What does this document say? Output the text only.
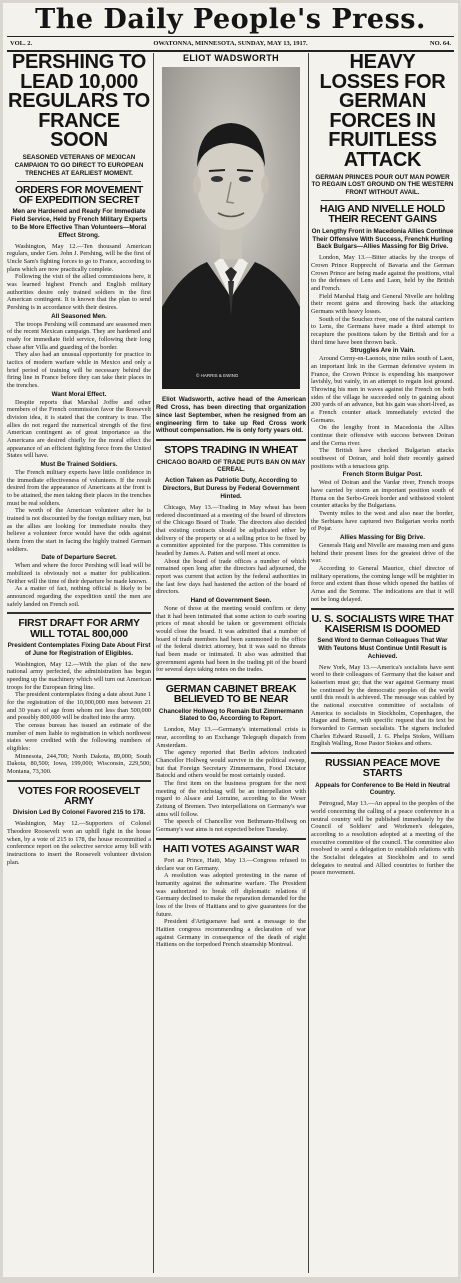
The Daily People's Press.
VOL. 2.	OWATONNA, MINNESOTA, SUNDAY, MAY 13, 1917.	NO. 64.
PERSHING TO LEAD 10,000 REGULARS TO FRANCE SOON
SEASONED VETERANS OF MEXICAN CAMPAIGN TO GO DIRECT TO EUROPEAN TRENCHES AT EARLIEST MOMENT.
ORDERS FOR MOVEMENT OF EXPEDITION SECRET
Men are Hardened and Ready For Immediate Field Service, Held by French Military Experts to Be More Effective Than Volunteers—Moral Effect Strong.

Washington, May 12.—Ten thousand American regulars, under Gen. John J. Pershing, will be the first of Uncle Sam's fighting forces to go to France, according to plans which are now practically complete.

Following the visit of the allied commissions here, it was learned highest French and English military authorities desire only trained soldiers in the first American contingent. It is known that the plan to send Pershing is in accordance with their desires.

All Seasoned Men.

The troops Pershing will command are seasoned men of the recent Mexican campaign. They are hardened and ready for immediate field service, following their long chase after Villa and guarding of the border.

They also had an unusual opportunity for practice in tactics of modern warfare while in Mexico and only a brief period of training will be necessary behind the firing line in France before they can take their places in the trenches.

Want Moral Effect.

Despite reports that Marshal Joffre and other members of the French commission favor the Roosevelt division idea, it is stated that the contrary is true. The allies do not regard the numerical strength of the first American contingent as of great importance as the Americans are desired chiefly for the moral effect the appearance of an efficient fighting force from the United States will have.

Must Be Trained Soldiers.

The French military experts have little confidence in the immediate effectiveness of volunteers. If the result desired from the appearance of Americans at the front is to be attained, the men taking their places in the trenches must be real soldiers.

The worth of the American volunteer after he is trained is not discounted by the foreign military men, but as the allies are looking for immediate results they believe a volunteer force would have the odds against them from the start in facing the highly trained German soldiers.

Date of Departure Secret.

When and where the force Pershing will lead will be mobilized is obviously not a matter for publication. Neither will the time of their departure be made known.

As a matter of fact, nothing official is likely to be announced regarding the expedition until the men are safely landed on French soil.

FIRST DRAFT FOR ARMY WILL TOTAL 800,000
President Contemplates Fixing Date About First of June for Registration of Eligibles.

Washington, May 12.—With the plan of the new national army perfected, the administration has begun speeding up the machinery which will turn out American troops for the European firing line.

The president contemplates fixing a date about June 1 for the registration of the 10,000,000 men between 21 and 30 years of age from whom not less than 500,000 and possibly 800,000 will be drafted into the army.

The census bureau has issued an estimate of the number of men liable to registration in which northwest states were credited with the following numbers of eligibles:

Minnesota, 244,700; North Dakota, 89,000; South Dakota, 80,500; Iowa, 199,000; Wisconsin, 229,500; Montana, 73,300.

VOTES FOR ROOSEVELT ARMY
Division Led By Colonel Favored 215 to 178.

Washington, May 12.—Supporters of Colonel Theodore Roosevelt won an uphill fight in the house when, by a vote of 215 to 178, the house recommitted a conference report on the selective service army bill with instructions to insert the Roosevelt volunteer division plan.

ELIOT WADSWORTH
© HARRIS & EWING
Eliot Wadsworth, active head of the American Red Cross, has been directing that organization since last September, when he resigned from an engineering firm to take up Red Cross work without compensation. He is only forty years old.
STOPS TRADING IN WHEAT
CHICAGO BOARD OF TRADE PUTS BAN ON MAY CEREAL.
Action Taken as Patriotic Duty, According to Directors, But Duress by Federal Government Hinted.

Chicago, May 13.—Trading in May wheat has been ordered discontinued at a meeting of the board of directors of the Chicago Board of Trade. The directors also decided that existing contracts should be adjudicated either by delivery of the property or at a selling price to be fixed by a committee appointed for the purpose. This committee is headed by James A. Patten and will meet at once.

About the board of trade offices a number of which remained open long after the directors had adjourned, the report was current that action by the federal authorities in the last few days had hastened the action of the board of directors.

Hand of Government Seen.

None of those at the meeting would confirm or deny that it had been intimated that some action to curb soaring prices of meat should be taken or government officials would close the board. It was admitted that a number of board of trade members had been summoned to the office of the federal district attorney, but it was said no threats had been made or intimated. It also was admitted that government agents had been in the trading pit of the board for several days taking notes on the trades.

GERMAN CABINET BREAK BELIEVED TO BE NEAR
Chancellor Hollweg to Remain But Zimmermann Slated to Go, According to Report.

London, May 13.—Germany's international crisis is near, according to an Exchange Telegraph dispatch from Amsterdam.

The agency reported that Berlin advices indicated Chancellor Hollweg would survive in the political sweep, but that Foreign Secretary Zimmermann, Food Dictator Batocki and others would be most certainly ousted.

The first item on the business program for the next meeting of the reichstag will be an interpellation with regard to Alsace and Lorraine, according to the Weser Zeitung of Bremen. Two interpellations on Germany's war aims will follow.

The speech of Chancellor von Bethmann-Hollweg on Germany's war aims is not expected before Tuesday.

HAITI VOTES AGAINST WAR

Port au Prince, Haiti, May 13.—Congress refused to declare war on Germany.

A resolution was adopted protesting in the name of humanity against the submarine warfare. The President was authorized to break off diplomatic relations if Germany declined to make the reparation demanded for the loss of the lives of Haitians and to give guarantees for the future.

President d'Artiguenave had sent a message to the Haitien congress recommending a declaration of war against Germany in consequence of the death of eight Haitiens on the torpedoed French steamship Montreal.

HEAVY LOSSES FOR GERMAN FORCES IN FRUITLESS ATTACK
GERMAN PRINCES POUR OUT MAN POWER TO REGAIN LOST GROUND ON THE WESTERN FRONT WITHOUT AVAIL.
HAIG AND NIVELLE HOLD THEIR RECENT GAINS
On Lengthy Front in Macedonia Allies Continue Their Offensive With Success, Frenchk Hurling Back Bulgars—Allies Massing for Big Drive.

London, May 13.—Bitter attacks by the troops of Crown Prince Rupprecht of Bavaria and the German Crown Prince are being made against the positions, vital to the defenses of Lens and Laon, held by the British and French.

Field Marshal Haig and General Nivelle are holding their recent gains and throwing back the attacking Germans with heavy losses.

South of the Souchez river, one of the natural carriers to Lens, the Germans have made a third attempt to recapture the positions taken by the British and for a third time have been thrown back.

Struggles Are in Vain.

Around Cerny-en-Laonois, nine miles south of Laon, an important link in the German defensive system in France, the Crown Prince is expending his manpower lavishly, but vainly, in an attempt to regain lost ground. Throwing his men in waves against the French on both sides of the village he succeeded only in gaining about 200 yards of an advance, but his gain was short-lived, as a French counter attack immediately evicted the Germans.

On the lengthy front in Macedonia the Allies continue their offensive with success between Doiran and the Cerna river.

The British have checked Bulgarian attacks southwest of Doiran, and hold their recently gained positions with a tenacious grip.

French Storm Bulgar Post.

West of Doiran and the Vardar river, French troops have carried by storm an important position south of Huma on the Serbo-Greek border and withstood violent counter attacks by the Bulgarians.

Twenty miles to the west and also near the border, the Serbians have captured two Bulgarian works north of Pojar.

Allies Massing for Big Drive.

Generals Haig and Nivelle are massing men and guns behind their present lines for the greatest drive of the war.

According to General Maurice, chief director of military operations, the coming lunge will be mightier in force and extent than those which opened the battles of Arras and the Somme. The indications are that it will not be long delayed.

U. S. SOCIALISTS WIRE THAT KAISERISM IS DOOMED
Send Word to German Colleagues That War With Teutons Must Continue Until Result is Achieved.

New York, May 13.—America's socialists have sent word to their colleagues of Germany that the kaiser and kaiserism must go; that the war against Germany must be continued by the democratic peoples of the world until this result is achieved. The message was cabled by the national executive committee of socialists of America to socialists in Stockholm, Copenhagen, the Hague and Berne, with specific request that its text be forwarded to German socialists. The signers included Charles Edward Russell, J. G. Phelps Stokes, William English Walling, Rose Pastor Stokes and others.

RUSSIAN PEACE MOVE STARTS
Appeals for Conference to Be Held in Neutral Country.

Petrograd, May 13.—An appeal to the peoples of the world concerning the calling of a peace conference in a neutral country will be published immediately by the Council of Soldiers' and Workmen's delegates, according to a resolution adopted at a meeting of the executive committee of the council. The committee also resolved to send a delegation to establish relations with the Socialist delegates at Stockholm and to send delegates to neutral and Allied countries to further the peace movement.
